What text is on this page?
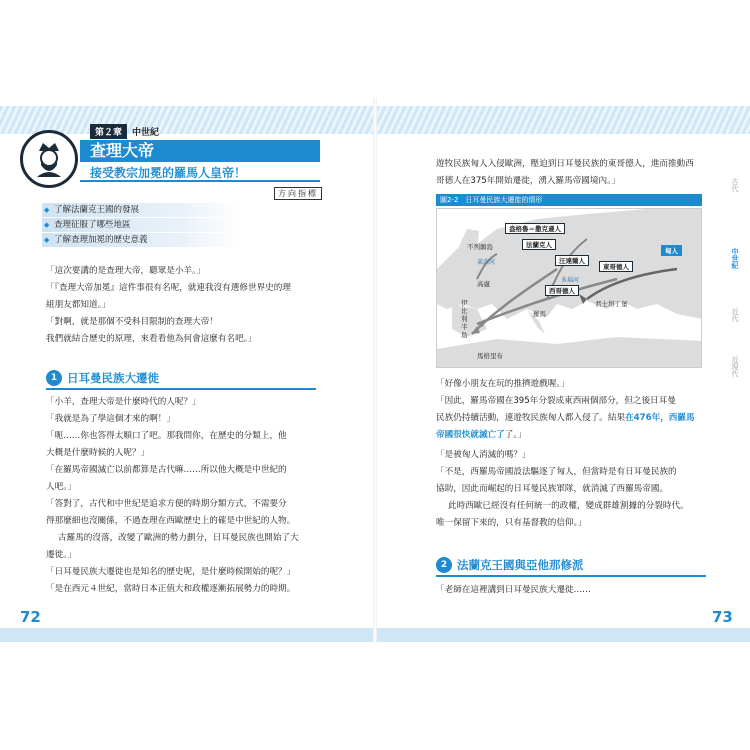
第２章	中世紀
查理大帝
接受教宗加冕的羅馬人皇帝！
方向指標
◆ 了解法蘭克王國的發展
◆ 查理征服了哪些地區
◆ 了解查理加冕的歷史意義
「這次要講的是查理大帝，聽眾是小羊。」
「『查理大帝加冕』這件事很有名呢，就連我沒有選修世界史的理
組朋友都知道。」
「對啊，就是那個不受科目限制的查理大帝！
我們就結合歷史的原理，來看看他為何會這麼有名吧。」
1 日耳曼民族大遷徙
「小羊，查理大帝是什麼時代的人呢？」
「我就是為了學這個才來的啊！」
「呃……你也答得太順口了吧。那我問你，在歷史的分類上，他
大概是什麼時候的人呢？」
「在羅馬帝國滅亡以前都算是古代嘛……所以他大概是中世紀的
人吧。」
「答對了，古代和中世紀是追求方便的時期分類方式，不需要分
得那麼細也沒關係，不過查理在西歐歷史上的確是中世紀的人物。
古羅馬的沒落，改變了歐洲的勢力劃分，日耳曼民族也開始了大
遷徙。」
「日耳曼民族大遷徙也是知名的歷史呢，是什麼時候開始的呢？」
「是在西元４世紀，當時日本正值大和政權逐漸拓展勢力的時期。
72
遊牧民族匈人入侵歐洲，壓迫到日耳曼民族的東哥德人，進而推動西
哥德人在375年開始遷徙，湧入羅馬帝國境內。」
圖2-2　日耳曼民族大遷徙的情形
盎格魯＝撒克遜人
法蘭克人
汪達爾人
東哥德人
西哥德人
匈人
不列顛島
萊茵河
高盧
伊比利半島
羅馬
君士坦丁堡
多瑙河
馬格里布
「好像小朋友在玩的推擠遊戲喔。」
「因此，羅馬帝國在395年分裂成東西兩個部分，但之後日耳曼
民族仍持續活動，連遊牧民族匈人都入侵了。結果在476年，西羅馬
帝國很快就滅亡了了。」
「是被匈人消滅的嗎？」
「不是，西羅馬帝國設法驅逐了匈人，但當時是有日耳曼民族的
協助，因此而崛起的日耳曼民族軍隊，就消滅了西羅馬帝國。
此時西歐已經沒有任何統一的政權，變成群雄割據的分裂時代。
唯一保留下來的，只有基督教的信仰。」
2 法蘭克王國與亞他那修派
「老師在這裡講到日耳曼民族大遷徙……
73
古代
中世紀
近代
近現代
